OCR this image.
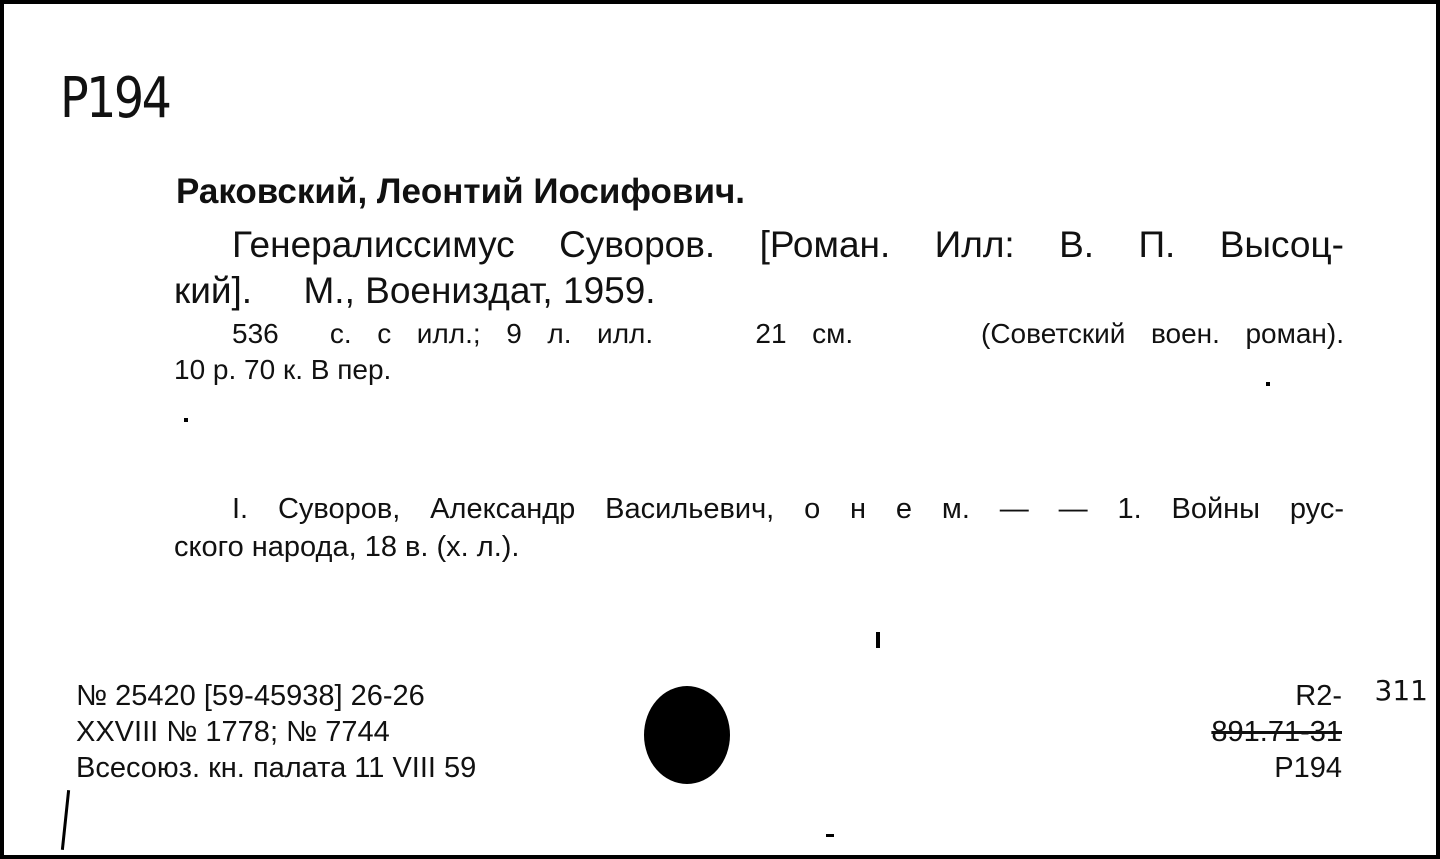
P194
Раковский, Леонтий Иосифович.
Генералиссимус Суворов. [Роман. Илл: В. П. Высоц-
кий].     М., Воениздат, 1959.
536  с. с илл.; 9 л. илл.    21 см.     (Советский воен. роман).
10 р. 70 к. В пер.
I. Суворов, Александр Васильевич, о н е м. — — 1. Войны рус-
ского народа, 18 в. (х. л.).
№ 25420 [59-45938] 26-26
XXVIII № 1778; № 7744
Всесоюз. кн. палата 11 VIII 59
R2-
891.71-31
P194
311
